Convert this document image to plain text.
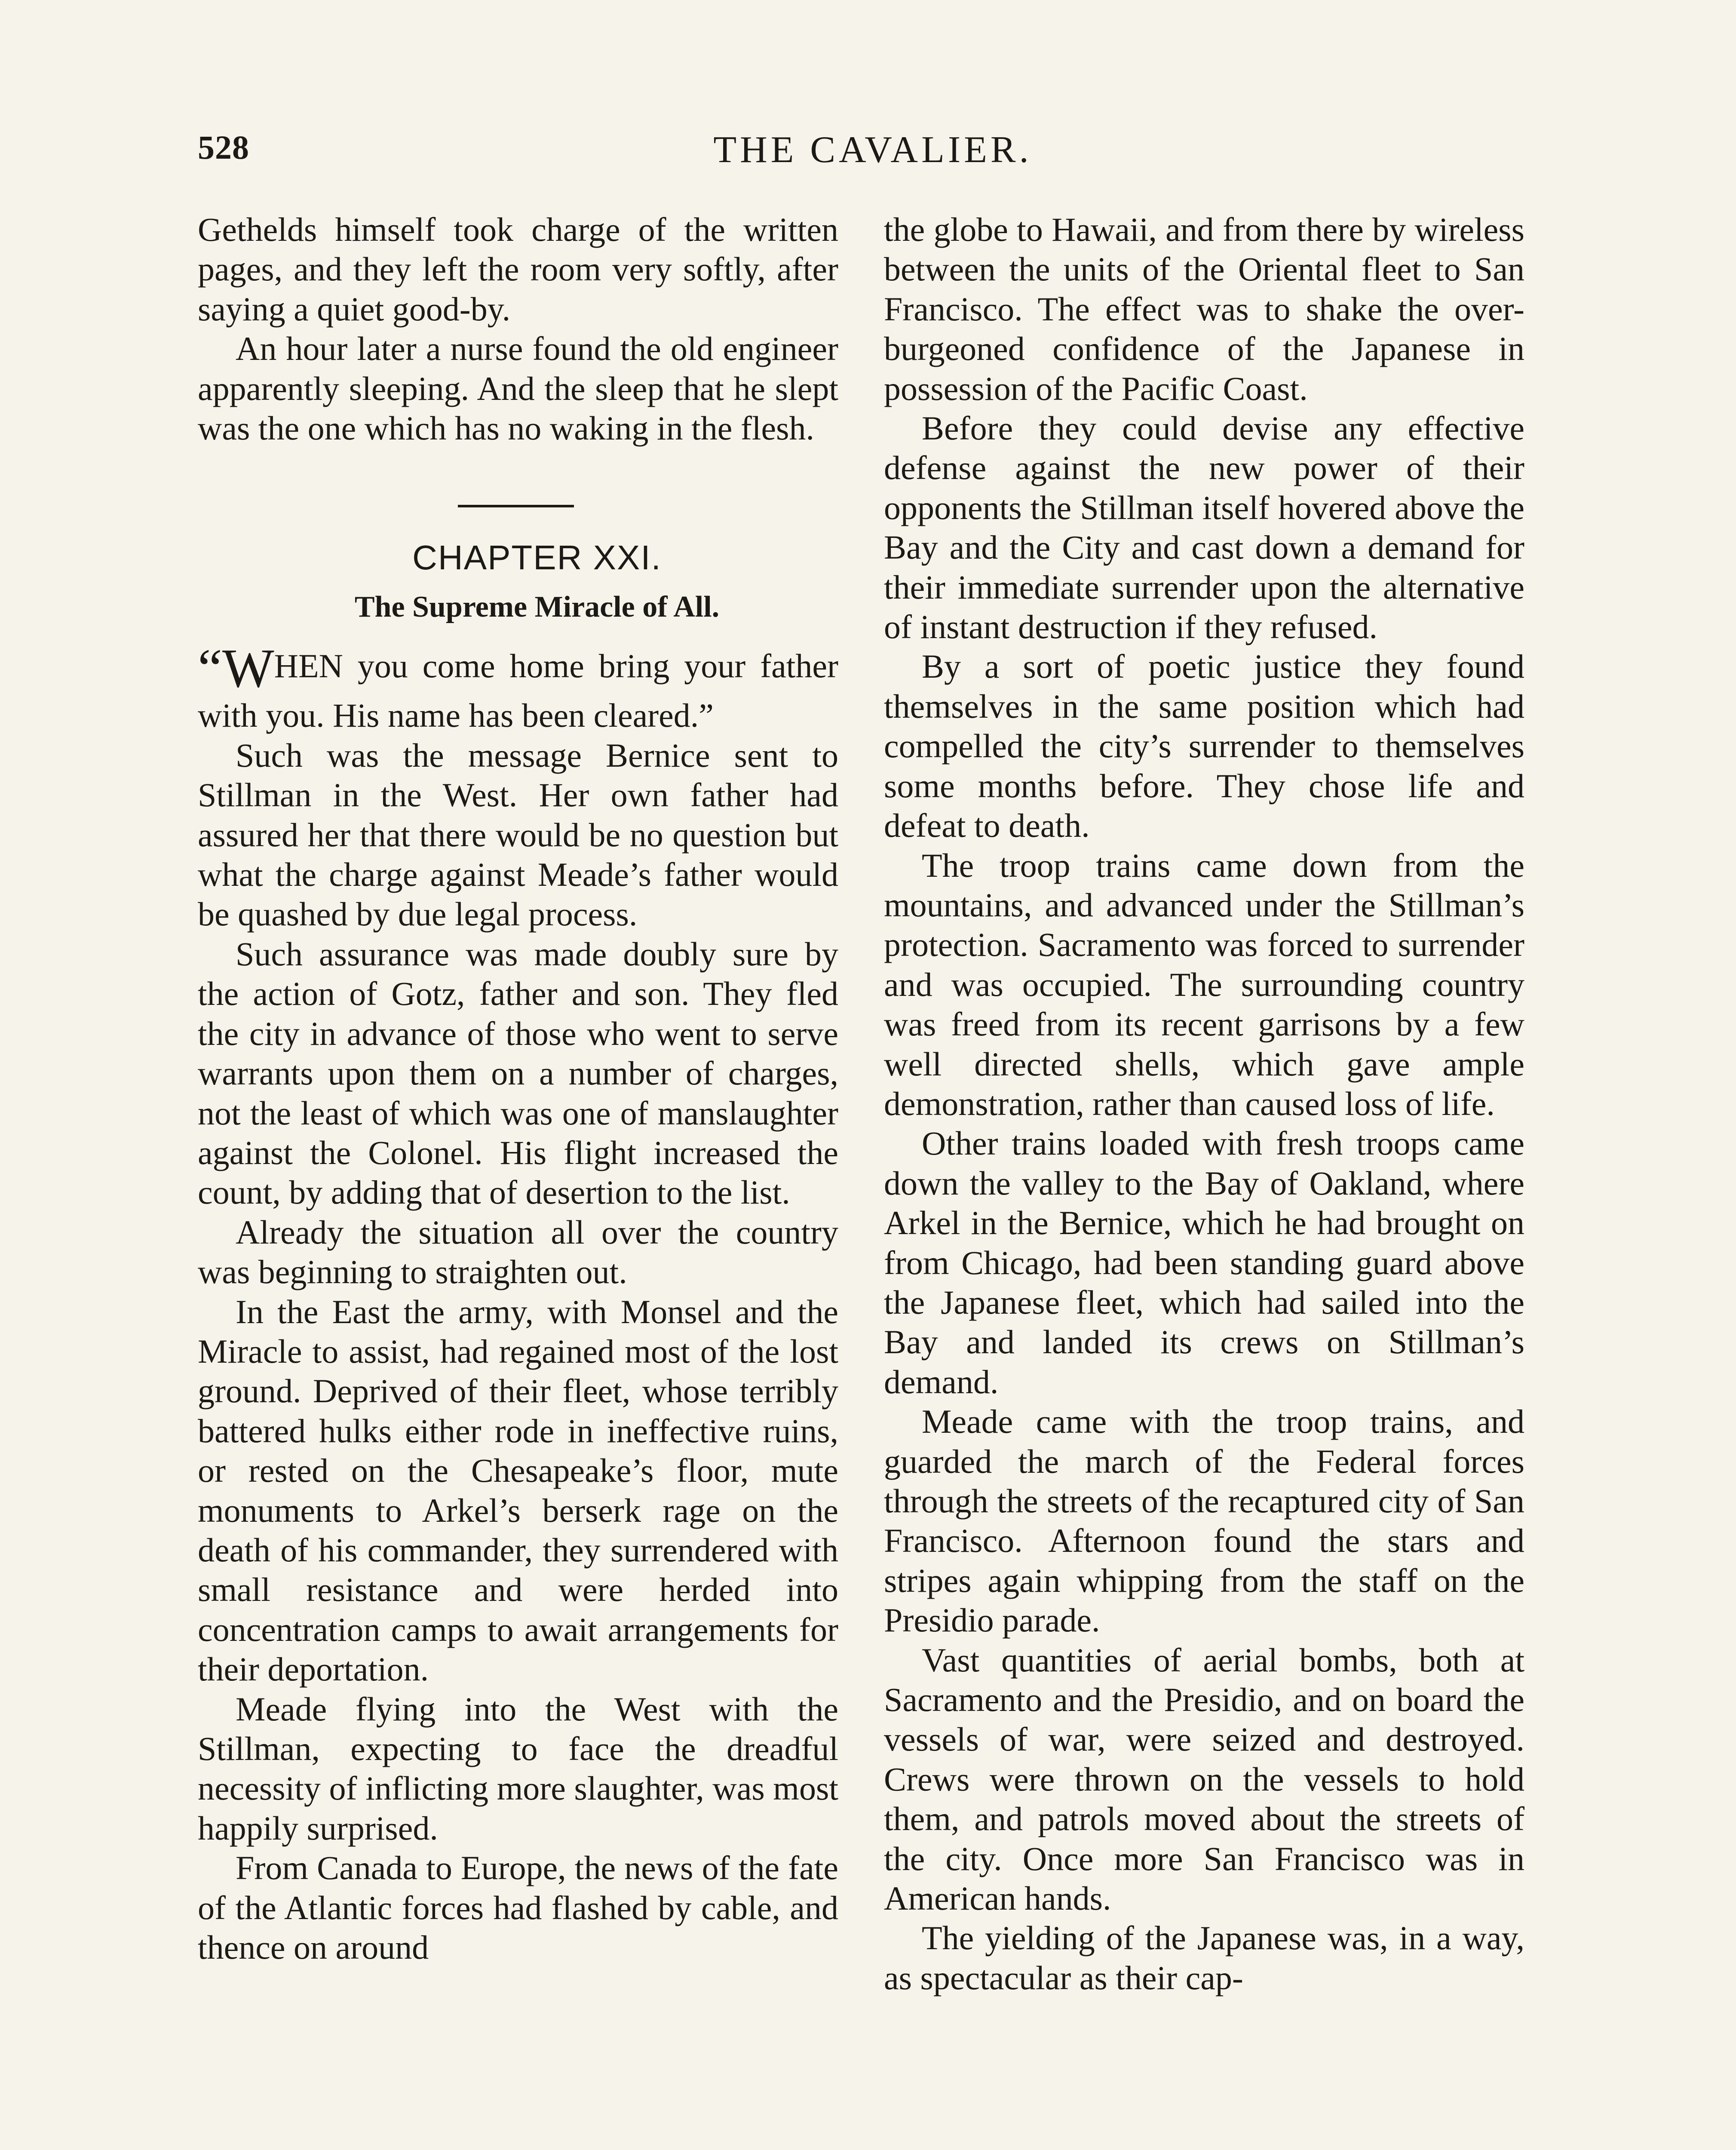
528	THE CAVALIER.

Gethelds himself took charge of the written pages, and they left the room very softly, after saying a quiet good-by.

An hour later a nurse found the old engineer apparently sleeping. And the sleep that he slept was the one which has no waking in the flesh.

CHAPTER XXI.

The Supreme Miracle of All.

“WHEN you come home bring your father with you. His name has been cleared.”

Such was the message Bernice sent to Stillman in the West. Her own father had assured her that there would be no question but what the charge against Meade’s father would be quashed by due legal process.

Such assurance was made doubly sure by the action of Gotz, father and son. They fled the city in advance of those who went to serve warrants upon them on a number of charges, not the least of which was one of manslaughter against the Colonel. His flight increased the count, by adding that of desertion to the list.

Already the situation all over the country was beginning to straighten out.

In the East the army, with Monsel and the Miracle to assist, had regained most of the lost ground. Deprived of their fleet, whose terribly battered hulks either rode in ineffective ruins, or rested on the Chesapeake’s floor, mute monuments to Arkel’s berserk rage on the death of his commander, they surrendered with small resistance and were herded into concentration camps to await arrangements for their deportation.

Meade flying into the West with the Stillman, expecting to face the dreadful necessity of inflicting more slaughter, was most happily surprised.

From Canada to Europe, the news of the fate of the Atlantic forces had flashed by cable, and thence on around

the globe to Hawaii, and from there by wireless between the units of the Oriental fleet to San Francisco. The effect was to shake the over-burgeoned confidence of the Japanese in possession of the Pacific Coast.

Before they could devise any effective defense against the new power of their opponents the Stillman itself hovered above the Bay and the City and cast down a demand for their immediate surrender upon the alternative of instant destruction if they refused.

By a sort of poetic justice they found themselves in the same position which had compelled the city’s surrender to themselves some months before. They chose life and defeat to death.

The troop trains came down from the mountains, and advanced under the Stillman’s protection. Sacramento was forced to surrender and was occupied. The surrounding country was freed from its recent garrisons by a few well directed shells, which gave ample demonstration, rather than caused loss of life.

Other trains loaded with fresh troops came down the valley to the Bay of Oakland, where Arkel in the Bernice, which he had brought on from Chicago, had been standing guard above the Japanese fleet, which had sailed into the Bay and landed its crews on Stillman’s demand.

Meade came with the troop trains, and guarded the march of the Federal forces through the streets of the recaptured city of San Francisco. Afternoon found the stars and stripes again whipping from the staff on the Presidio parade.

Vast quantities of aerial bombs, both at Sacramento and the Presidio, and on board the vessels of war, were seized and destroyed. Crews were thrown on the vessels to hold them, and patrols moved about the streets of the city. Once more San Francisco was in American hands.

The yielding of the Japanese was, in a way, as spectacular as their cap-
